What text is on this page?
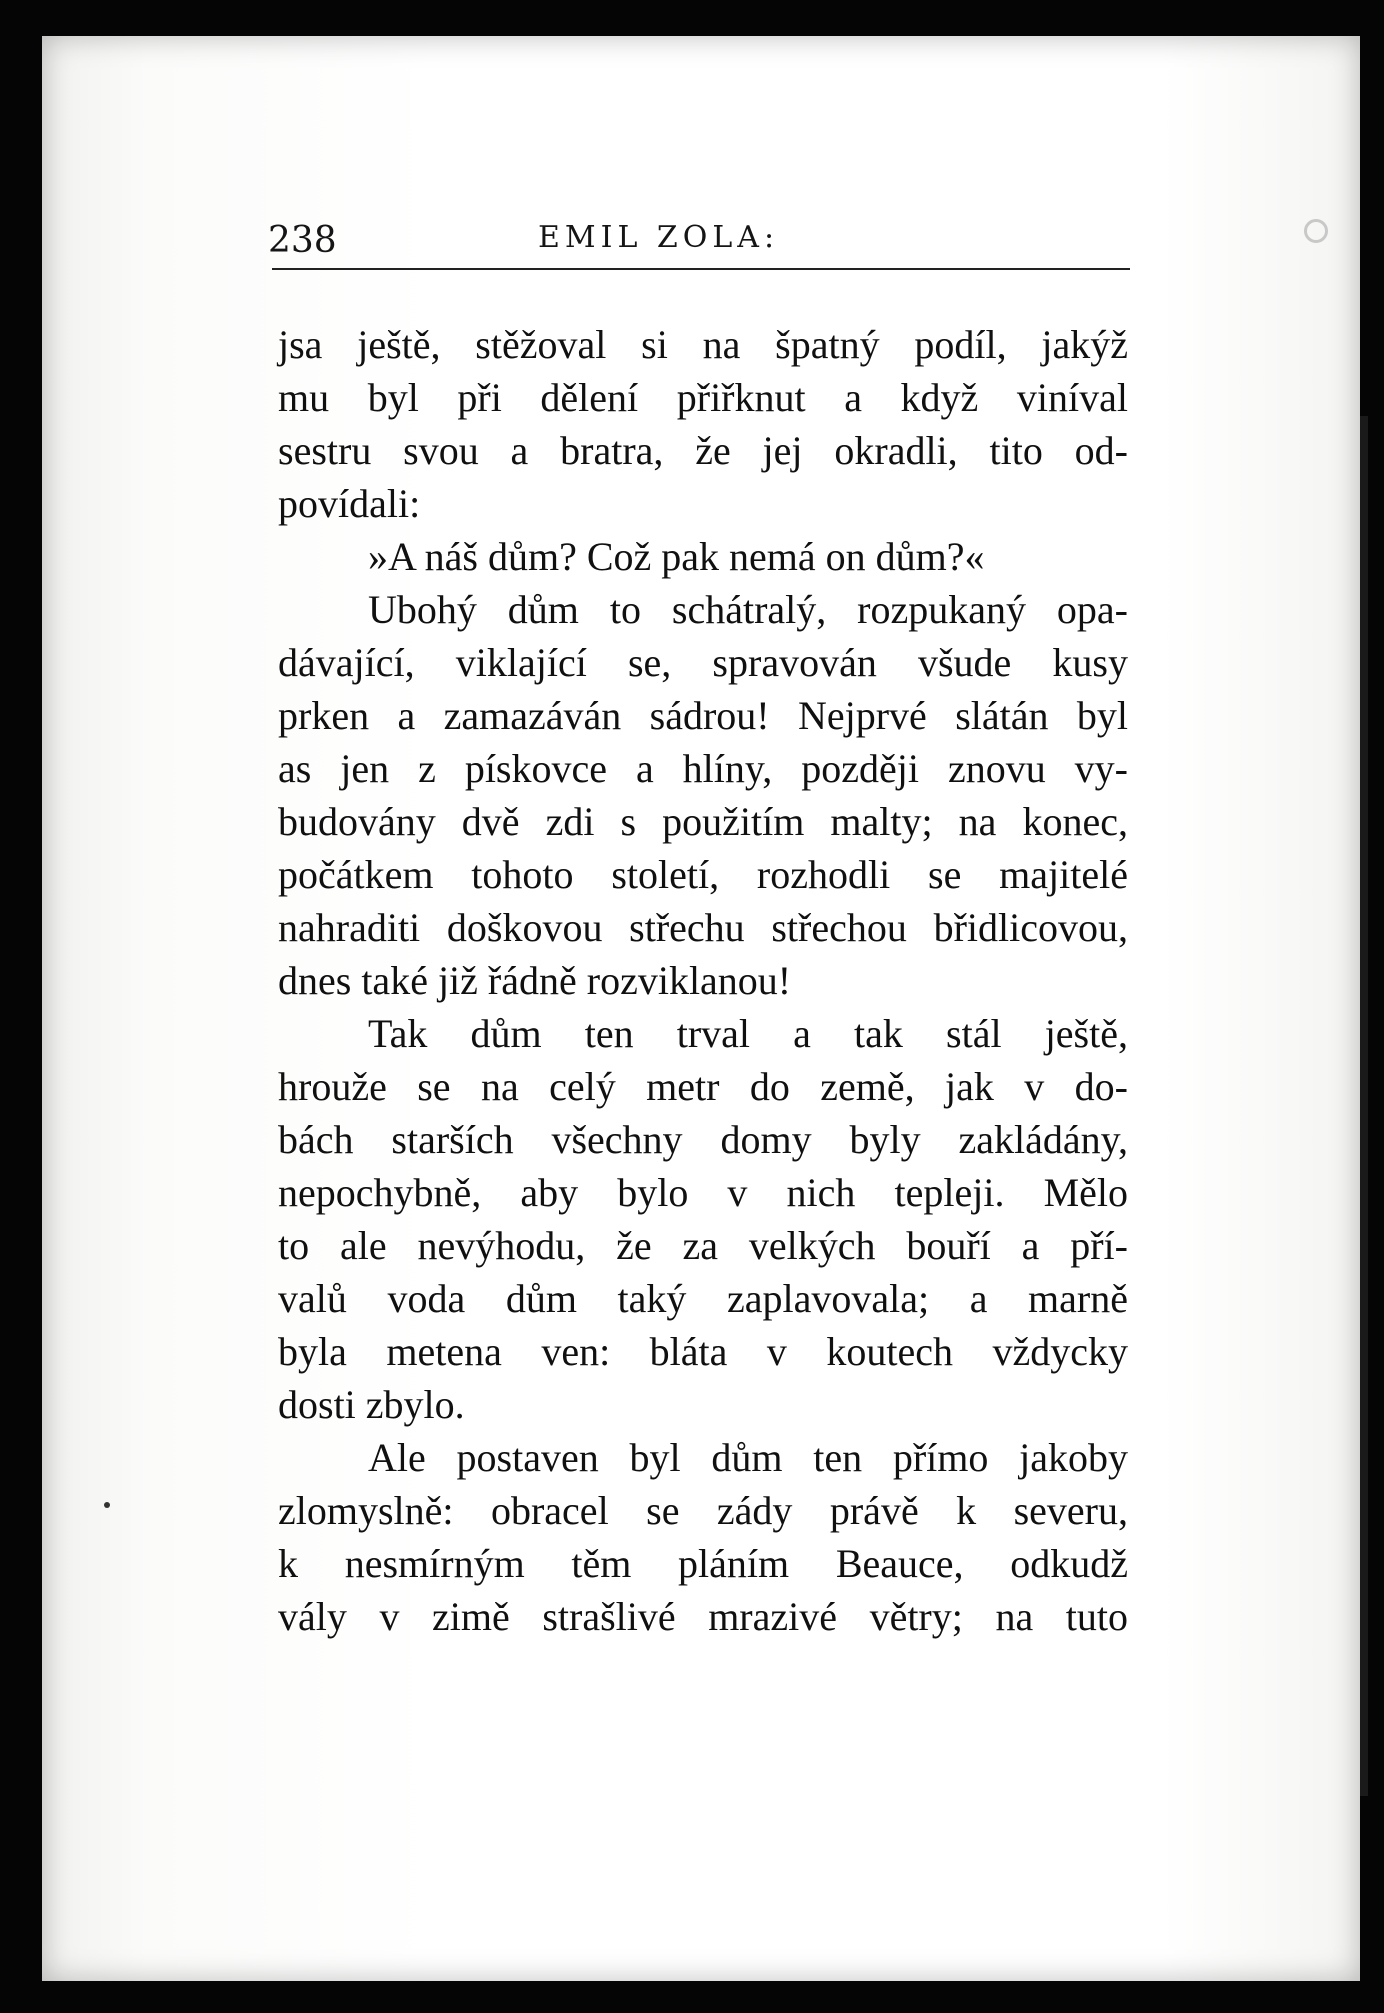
238	EMIL ZOLA:
jsa ještě, stěžoval si na špatný podíl, jakýž
mu byl při dělení přiřknut a když viníval
sestru svou a bratra, že jej okradli, tito od-
povídali:
»A náš dům? Což pak nemá on dům?«
Ubohý dům to schátralý, rozpukaný opa-
dávající, viklající se, spravován všude kusy
prken a zamazáván sádrou! Nejprvé slátán byl
as jen z pískovce a hlíny, později znovu vy-
budovány dvě zdi s použitím malty; na konec,
počátkem tohoto století, rozhodli se majitelé
nahraditi doškovou střechu střechou břidlicovou,
dnes také již řádně rozviklanou!
Tak dům ten trval a tak stál ještě,
hrouže se na celý metr do země, jak v do-
bách starších všechny domy byly zakládány,
nepochybně, aby bylo v nich tepleji. Mělo
to ale nevýhodu, že za velkých bouří a pří-
valů voda dům taký zaplavovala; a marně
byla metena ven: bláta v koutech vždycky
dosti zbylo.
Ale postaven byl dům ten přímo jakoby
zlomyslně: obracel se zády právě k severu,
k nesmírným těm pláním Beauce, odkudž
vály v zimě strašlivé mrazivé větry; na tuto
